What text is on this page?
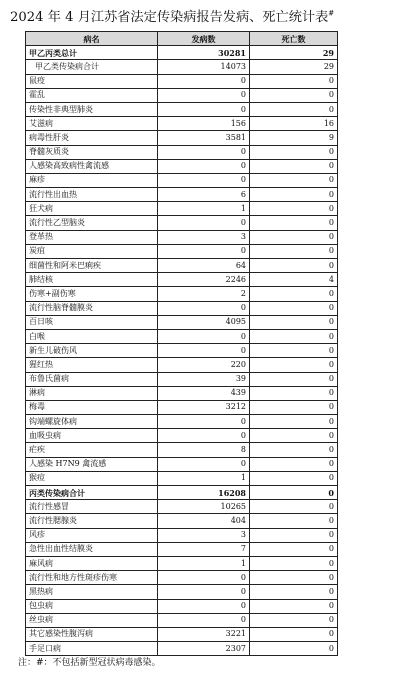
2024 年 4 月江苏省法定传染病报告发病、死亡统计表#
病名	发病数	死亡数
甲乙丙类总计	30281	29
甲乙类传染病合计	14073	29
鼠疫	0	0
霍乱	0	0
传染性非典型肺炎	0	0
艾滋病	156	16
病毒性肝炎	3581	9
脊髓灰质炎	0	0
人感染高致病性禽流感	0	0
麻疹	0	0
流行性出血热	6	0
狂犬病	1	0
流行性乙型脑炎	0	0
登革热	3	0
炭疽	0	0
细菌性和阿米巴痢疾	64	0
肺结核	2246	4
伤寒+副伤寒	2	0
流行性脑脊髓膜炎	0	0
百日咳	4095	0
白喉	0	0
新生儿破伤风	0	0
猩红热	220	0
布鲁氏菌病	39	0
淋病	439	0
梅毒	3212	0
钩端螺旋体病	0	0
血吸虫病	0	0
疟疾	8	0
人感染 H7N9 禽流感	0	0
猴痘	1	0
丙类传染病合计	16208	0
流行性感冒	10265	0
流行性腮腺炎	404	0
风疹	3	0
急性出血性结膜炎	7	0
麻风病	1	0
流行性和地方性斑疹伤寒	0	0
黑热病	0	0
包虫病	0	0
丝虫病	0	0
其它感染性腹泻病	3221	0
手足口病	2307	0
注：#：不包括新型冠状病毒感染。
